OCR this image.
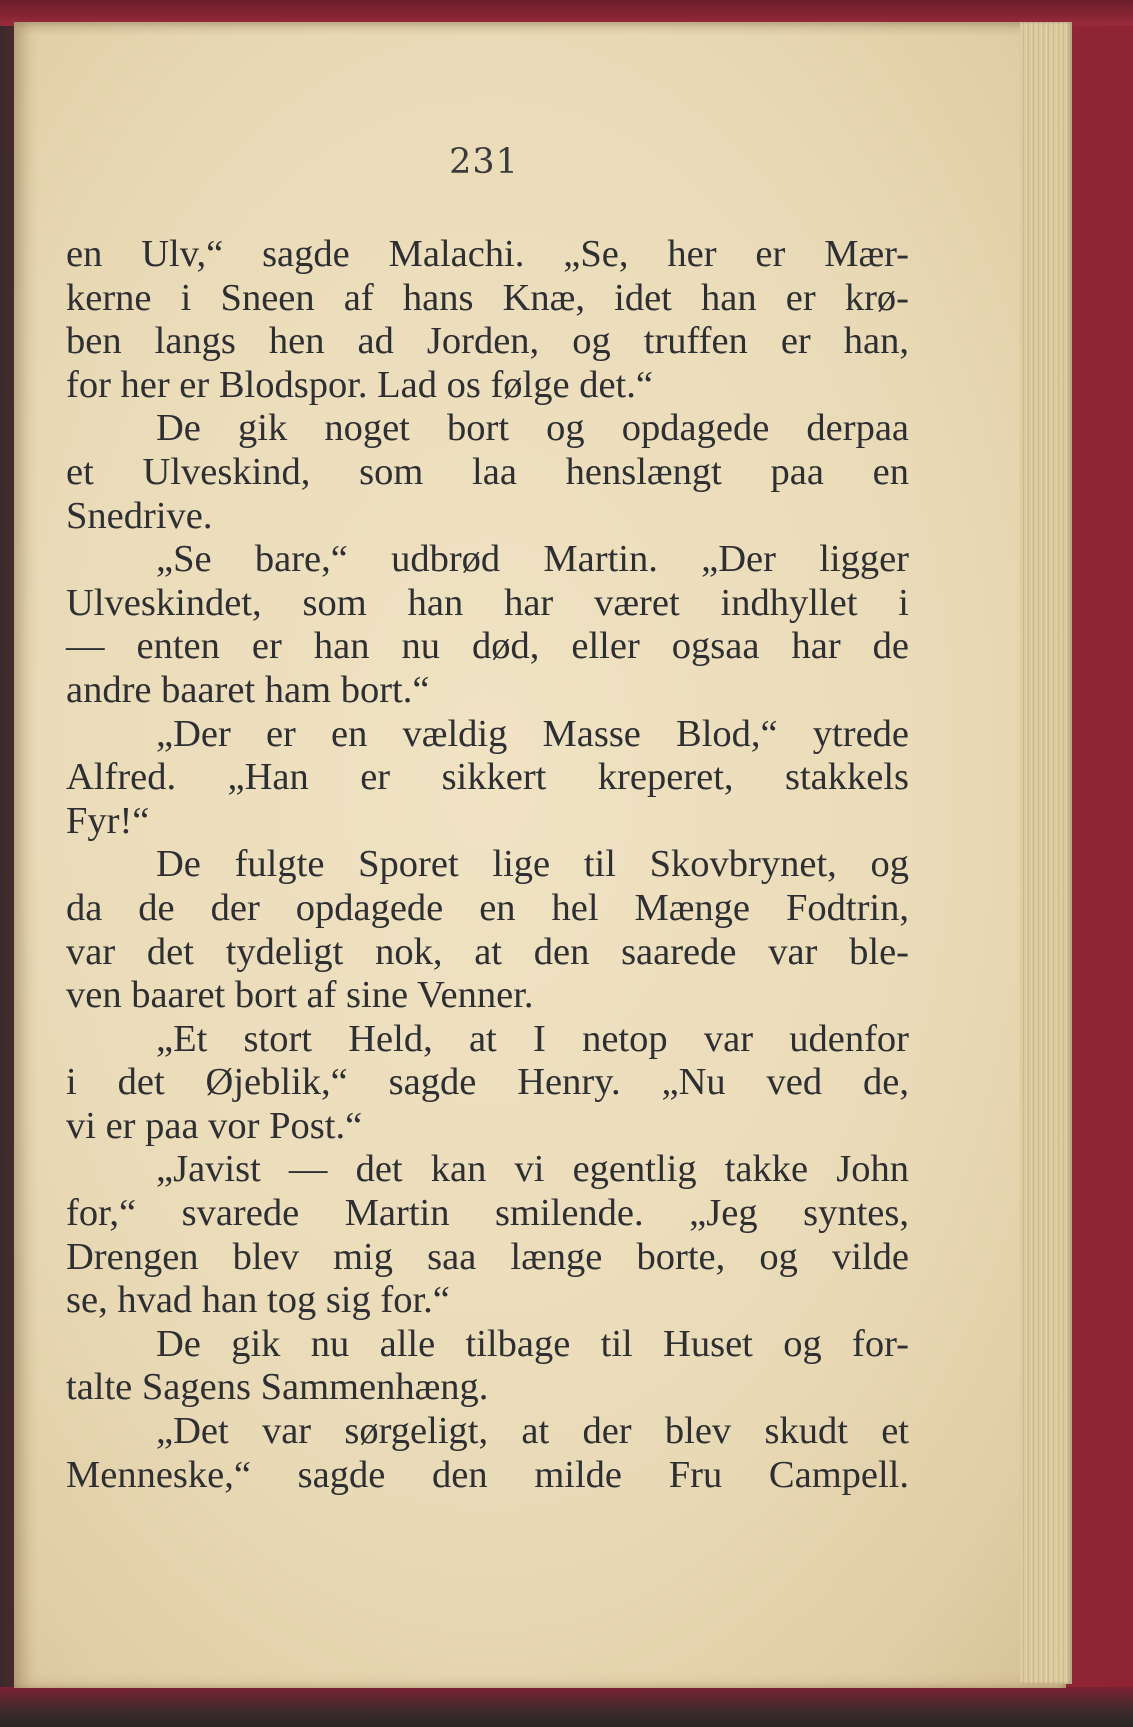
231
en Ulv,“ sagde Malachi. „Se, her er Mær-
kerne i Sneen af hans Knæ, idet han er krø-
ben langs hen ad Jorden, og truffen er han,
for her er Blodspor. Lad os følge det.“
De gik noget bort og opdagede derpaa
et Ulveskind, som laa henslængt paa en
Snedrive.
„Se bare,“ udbrød Martin. „Der ligger
Ulveskindet, som han har været indhyllet i
— enten er han nu død, eller ogsaa har de
andre baaret ham bort.“
„Der er en vældig Masse Blod,“ ytrede
Alfred. „Han er sikkert kreperet, stakkels
Fyr!“
De fulgte Sporet lige til Skovbrynet, og
da de der opdagede en hel Mænge Fodtrin,
var det tydeligt nok, at den saarede var ble-
ven baaret bort af sine Venner.
„Et stort Held, at I netop var udenfor
i det Øjeblik,“ sagde Henry. „Nu ved de,
vi er paa vor Post.“
„Javist — det kan vi egentlig takke John
for,“ svarede Martin smilende. „Jeg syntes,
Drengen blev mig saa længe borte, og vilde
se, hvad han tog sig for.“
De gik nu alle tilbage til Huset og for-
talte Sagens Sammenhæng.
„Det var sørgeligt, at der blev skudt et
Menneske,“ sagde den milde Fru Campell.
